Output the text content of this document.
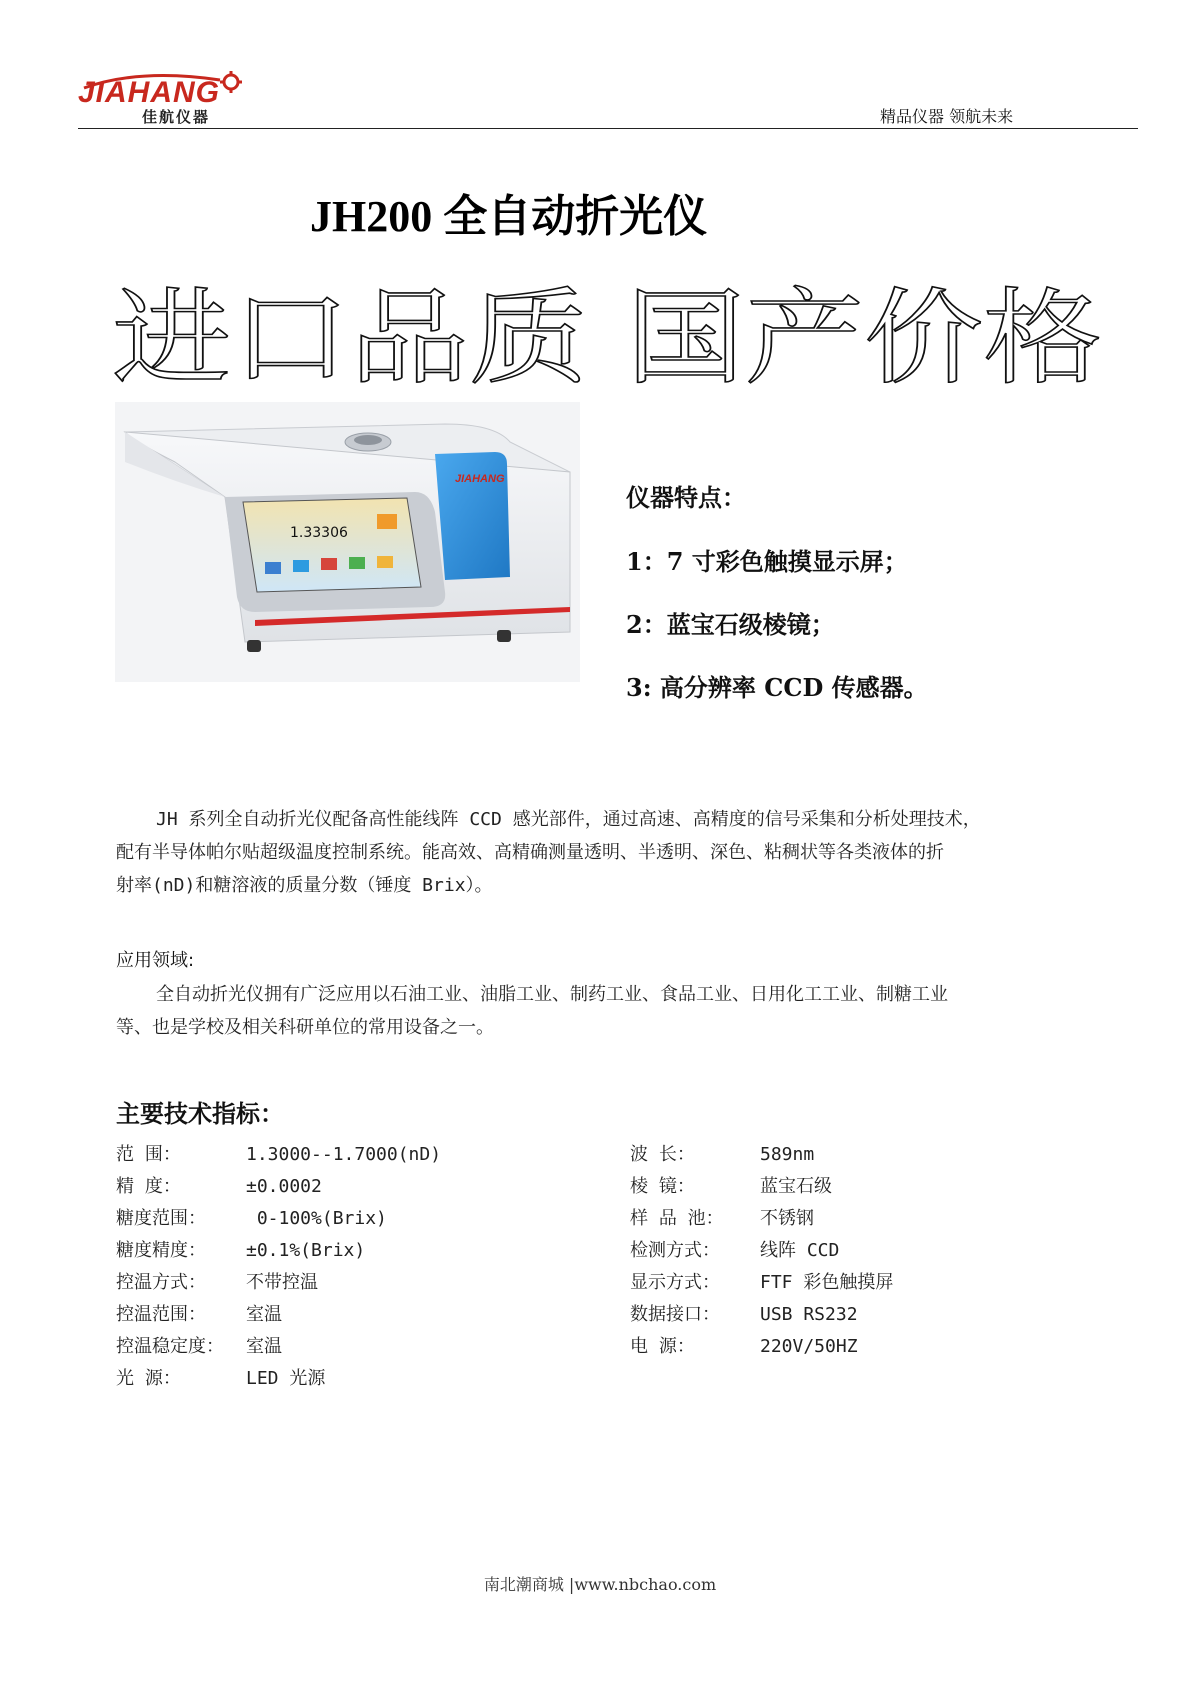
JIAHANG
佳航仪器	精品仪器 领航未来
JH200 全自动折光仪
进口品质 国产价格
1.33306
JIAHANG
仪器特点：
1：7 寸彩色触摸显示屏；
2：蓝宝石级棱镜；
3: 高分辨率 CCD 传感器。
JH 系列全自动折光仪配备高性能线阵 CCD 感光部件，通过高速、高精度的信号采集和分析处理技术，
配有半导体帕尔贴超级温度控制系统。能高效、高精确测量透明、半透明、深色、粘稠状等各类液体的折
射率(nD)和糖溶液的质量分数（锤度 Brix）。
应用领域:
全自动折光仪拥有广泛应用以石油工业、油脂工业、制药工业、食品工业、日用化工工业、制糖工业
等、也是学校及相关科研单位的常用设备之一。
主要技术指标：
范 围：	1.3000--1.7000(nD)
精 度：	±0.0002
糖度范围： 0-100%(Brix)
糖度精度： ±0.1%(Brix)
控温方式： 不带控温
控温范围： 室温
控温稳定度： 室温
光 源：	LED 光源
波 长：	589nm
棱 镜：	蓝宝石级
样 品 池： 不锈钢
检测方式： 线阵 CCD
显示方式： FTF 彩色触摸屏
数据接口： USB RS232
电 源：	220V/50HZ
南北潮商城 |www.nbchao.com
